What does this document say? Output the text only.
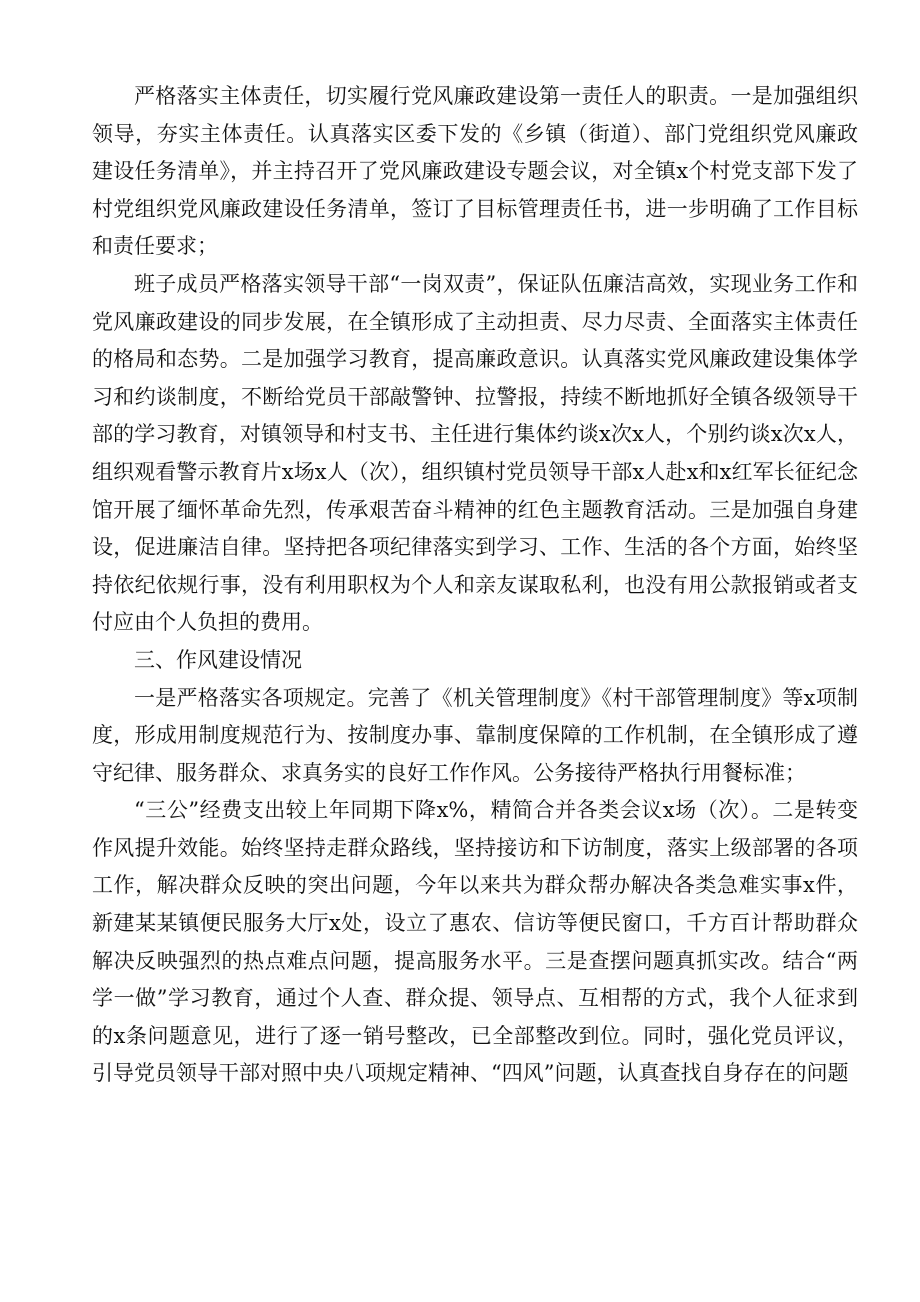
严格落实主体责任，切实履行党风廉政建设第一责任人的职责。一是加强组织领导，夯实主体责任。认真落实区委下发的《乡镇（街道）、部门党组织党风廉政建设任务清单》，并主持召开了党风廉政建设专题会议，对全镇x个村党支部下发了村党组织党风廉政建设任务清单，签订了目标管理责任书，进一步明确了工作目标和责任要求；

班子成员严格落实领导干部“一岗双责”，保证队伍廉洁高效，实现业务工作和党风廉政建设的同步发展，在全镇形成了主动担责、尽力尽责、全面落实主体责任的格局和态势。二是加强学习教育，提高廉政意识。认真落实党风廉政建设集体学习和约谈制度，不断给党员干部敲警钟、拉警报，持续不断地抓好全镇各级领导干部的学习教育，对镇领导和村支书、主任进行集体约谈x次x人，个别约谈x次x人，组织观看警示教育片x场x人（次），组织镇村党员领导干部x人赴x和x红军长征纪念馆开展了缅怀革命先烈，传承艰苦奋斗精神的红色主题教育活动。三是加强自身建设，促进廉洁自律。坚持把各项纪律落实到学习、工作、生活的各个方面，始终坚持依纪依规行事，没有利用职权为个人和亲友谋取私利，也没有用公款报销或者支付应由个人负担的费用。

三、作风建设情况

一是严格落实各项规定。完善了《机关管理制度》《村干部管理制度》等x项制度，形成用制度规范行为、按制度办事、靠制度保障的工作机制，在全镇形成了遵守纪律、服务群众、求真务实的良好工作作风。公务接待严格执行用餐标准；

“三公”经费支出较上年同期下降x%，精简合并各类会议x场（次）。二是转变作风提升效能。始终坚持走群众路线，坚持接访和下访制度，落实上级部署的各项工作，解决群众反映的突出问题，今年以来共为群众帮办解决各类急难实事x件，新建某某镇便民服务大厅x处，设立了惠农、信访等便民窗口，千方百计帮助群众解决反映强烈的热点难点问题，提高服务水平。三是查摆问题真抓实改。结合“两学一做”学习教育，通过个人查、群众提、领导点、互相帮的方式，我个人征求到的x条问题意见，进行了逐一销号整改，已全部整改到位。同时，强化党员评议，引导党员领导干部对照中央八项规定精神、“四风”问题，认真查找自身存在的问题
